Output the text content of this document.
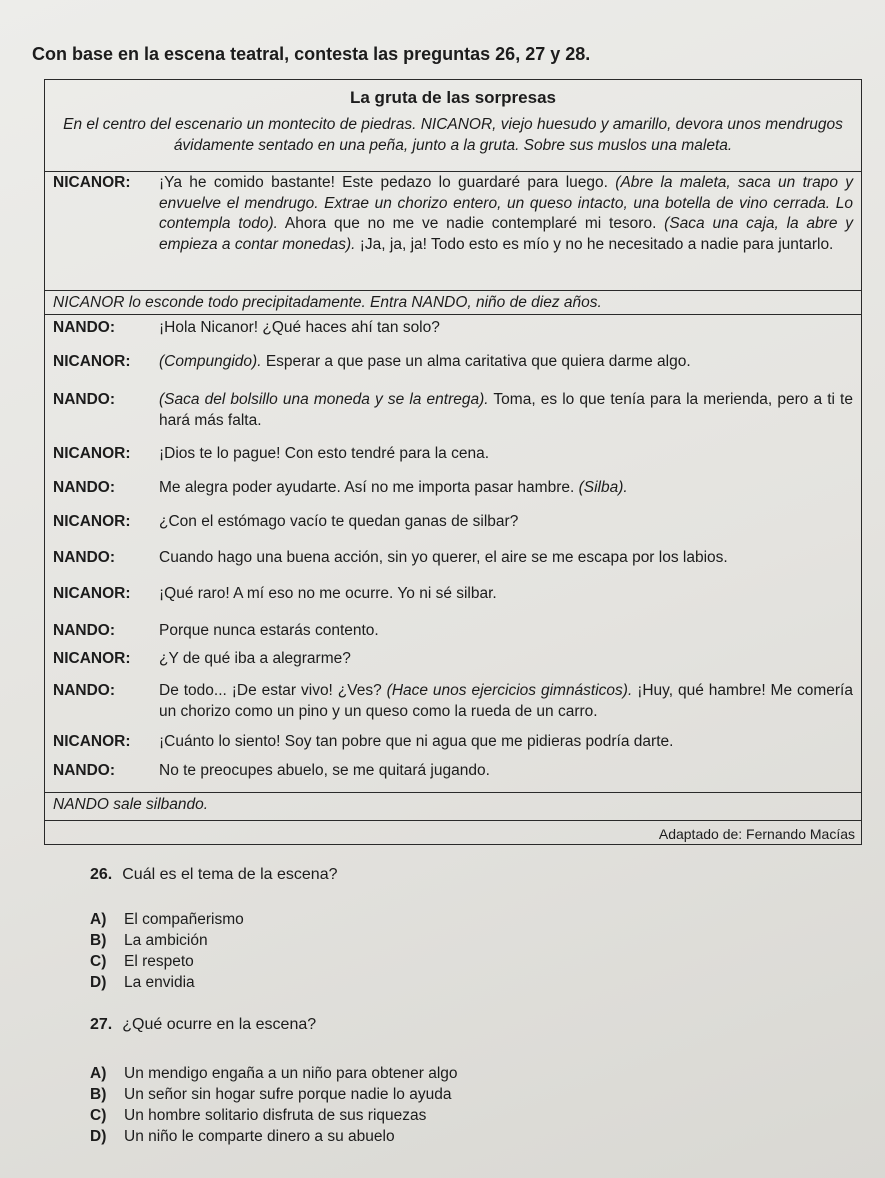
Con base en la escena teatral, contesta las preguntas 26, 27 y 28.
La gruta de las sorpresas
En el centro del escenario un montecito de piedras. NICANOR, viejo huesudo y amarillo, devora unos mendrugos ávidamente sentado en una peña, junto a la gruta. Sobre sus muslos una maleta.
NICANOR: ¡Ya he comido bastante! Este pedazo lo guardaré para luego. (Abre la maleta, saca un trapo y envuelve el mendrugo. Extrae un chorizo entero, un queso intacto, una botella de vino cerrada. Lo contempla todo). Ahora que no me ve nadie contemplaré mi tesoro. (Saca una caja, la abre y empieza a contar monedas). ¡Ja, ja, ja! Todo esto es mío y no he necesitado a nadie para juntarlo.
NICANOR lo esconde todo precipitadamente. Entra NANDO, niño de diez años.
NANDO:	¡Hola Nicanor! ¿Qué haces ahí tan solo?
NICANOR: (Compungido). Esperar a que pase un alma caritativa que quiera darme algo.
NANDO:	(Saca del bolsillo una moneda y se la entrega). Toma, es lo que tenía para la merienda, pero a ti te hará más falta.
NICANOR: ¡Dios te lo pague! Con esto tendré para la cena.
NANDO:	Me alegra poder ayudarte. Así no me importa pasar hambre. (Silba).
NICANOR: ¿Con el estómago vacío te quedan ganas de silbar?
NANDO:	Cuando hago una buena acción, sin yo querer, el aire se me escapa por los labios.
NICANOR: ¡Qué raro! A mí eso no me ocurre. Yo ni sé silbar.
NANDO:	Porque nunca estarás contento.
NICANOR: ¿Y de qué iba a alegrarme?
NANDO:	De todo... ¡De estar vivo! ¿Ves? (Hace unos ejercicios gimnásticos). ¡Huy, qué hambre! Me comería un chorizo como un pino y un queso como la rueda de un carro.
NICANOR: ¡Cuánto lo siento! Soy tan pobre que ni agua que me pidieras podría darte.
NANDO:	No te preocupes abuelo, se me quitará jugando.
NANDO sale silbando.
Adaptado de: Fernando Macías
26. Cuál es el tema de la escena?
A) El compañerismo
B) La ambición
C) El respeto
D) La envidia
27. ¿Qué ocurre en la escena?
A) Un mendigo engaña a un niño para obtener algo
B) Un señor sin hogar sufre porque nadie lo ayuda
C) Un hombre solitario disfruta de sus riquezas
D) Un niño le comparte dinero a su abuelo
